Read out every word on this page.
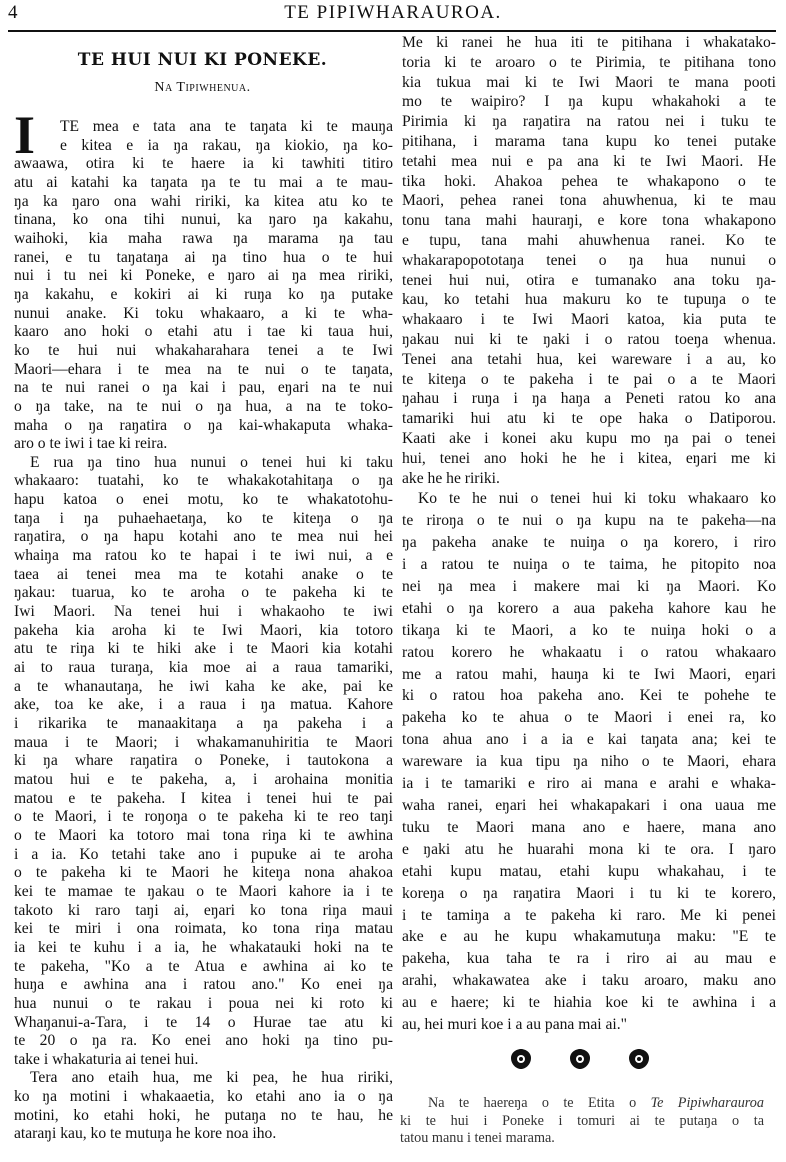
4	TE PIPIWHARAUROA.
TE HUI NUI KI PONEKE.
Na Tipiwhenua.
I	TE mea e tata ana te taŋata ki te mauŋa
e kitea e ia ŋa rakau, ŋa kiokio, ŋa ko-
awaawa, otira ki te haere ia ki tawhiti titiro
atu ai katahi ka taŋata ŋa te tu mai a te mau-
ŋa ka ŋaro ona wahi ririki, ka kitea atu ko te
tinana, ko ona tihi nunui, ka ŋaro ŋa kakahu,
waihoki, kia maha rawa ŋa marama ŋa tau
ranei, e tu taŋataŋa ai ŋa tino hua o te hui
nui i tu nei ki Poneke, e ŋaro ai ŋa mea ririki,
ŋa kakahu, e kokiri ai ki ruŋa ko ŋa putake
nunui anake. Ki toku whakaaro, a ki te wha-
kaaro ano hoki o etahi atu i tae ki taua hui,
ko te hui nui whakaharahara tenei a te Iwi
Maori—ehara i te mea na te nui o te taŋata,
na te nui ranei o ŋa kai i pau, eŋari na te nui
o ŋa take, na te nui o ŋa hua, a na te toko-
maha o ŋa raŋatira o ŋa kai-whakaputa whaka-
aro o te iwi i tae ki reira.
E rua ŋa tino hua nunui o tenei hui ki taku
whakaaro: tuatahi, ko te whakakotahitaŋa o ŋa
hapu katoa o enei motu, ko te whakatotohu-
taŋa i ŋa puhaehaetaŋa, ko te kiteŋa o ŋa
raŋatira, o ŋa hapu kotahi ano te mea nui hei
whaiŋa ma ratou ko te hapai i te iwi nui, a e
taea ai tenei mea ma te kotahi anake o te
ŋakau: tuarua, ko te aroha o te pakeha ki te
Iwi Maori. Na tenei hui i whakaoho te iwi
pakeha kia aroha ki te Iwi Maori, kia totoro
atu te riŋa ki te hiki ake i te Maori kia kotahi
ai to raua turaŋa, kia moe ai a raua tamariki,
a te whanautaŋa, he iwi kaha ke ake, pai ke
ake, toa ke ake, i a raua i ŋa matua. Kahore
i rikarika te manaakitaŋa a ŋa pakeha i a
maua i te Maori; i whakamanuhiritia te Maori
ki ŋa whare raŋatira o Poneke, i tautokona a
matou hui e te pakeha, a, i arohaina monitia
matou e te pakeha. I kitea i tenei hui te pai
o te Maori, i te roŋoŋa o te pakeha ki te reo taŋi
o te Maori ka totoro mai tona riŋa ki te awhina
i a ia. Ko tetahi take ano i pupuke ai te aroha
o te pakeha ki te Maori he kiteŋa nona ahakoa
kei te mamae te ŋakau o te Maori kahore ia i te
takoto ki raro taŋi ai, eŋari ko tona riŋa maui
kei te miri i ona roimata, ko tona riŋa matau
ia kei te kuhu i a ia, he whakatauki hoki na te
te pakeha, "Ko a te Atua e awhina ai ko te
huŋa e awhina ana i ratou ano." Ko enei ŋa
hua nunui o te rakau i poua nei ki roto ki
Whaŋanui-a-Tara, i te 14 o Hurae tae atu ki
te 20 o ŋa ra. Ko enei ano hoki ŋa tino pu-
take i whakaturia ai tenei hui.
Tera ano etaih hua, me ki pea, he hua ririki,
ko ŋa motini i whakaaetia, ko etahi ano ia o ŋa
motini, ko etahi hoki, he putaŋa no te hau, he
ataraŋi kau, ko te mutuŋa he kore noa iho.
Me ki ranei he hua iti te pitihana i whakatako-
toria ki te aroaro o te Pirimia, te pitihana tono
kia tukua mai ki te Iwi Maori te mana pooti
mo te waipiro? I ŋa kupu whakahoki a te
Pirimia ki ŋa raŋatira na ratou nei i tuku te
pitihana, i marama tana kupu ko tenei putake
tetahi mea nui e pa ana ki te Iwi Maori. He
tika hoki. Ahakoa pehea te whakapono o te
Maori, pehea ranei tona ahuwhenua, ki te mau
tonu tana mahi hauraŋi, e kore tona whakapono
e tupu, tana mahi ahuwhenua ranei. Ko te
whakarapopototaŋa tenei o ŋa hua nunui o
tenei hui nui, otira e tumanako ana toku ŋa-
kau, ko tetahi hua makuru ko te tupuŋa o te
whakaaro i te Iwi Maori katoa, kia puta te
ŋakau nui ki te ŋaki i o ratou toeŋa whenua.
Tenei ana tetahi hua, kei wareware i a au, ko
te kiteŋa o te pakeha i te pai o a te Maori
ŋahau i ruŋa i ŋa haŋa a Peneti ratou ko ana
tamariki hui atu ki te ope haka o Ŋatiporou.
Kaati ake i konei aku kupu mo ŋa pai o tenei
hui, tenei ano hoki he he i kitea, eŋari me ki
ake he he ririki.
Ko te he nui o tenei hui ki toku whakaaro ko
te riroŋa o te nui o ŋa kupu na te pakeha—na
ŋa pakeha anake te nuiŋa o ŋa korero, i riro
i a ratou te nuiŋa o te taima, he pitopito noa
nei ŋa mea i makere mai ki ŋa Maori. Ko
etahi o ŋa korero a aua pakeha kahore kau he
tikaŋa ki te Maori, a ko te nuiŋa hoki o a
ratou korero he whakaatu i o ratou whakaaro
me a ratou mahi, hauŋa ki te Iwi Maori, eŋari
ki o ratou hoa pakeha ano. Kei te pohehe te
pakeha ko te ahua o te Maori i enei ra, ko
tona ahua ano i a ia e kai taŋata ana; kei te
wareware ia kua tipu ŋa niho o te Maori, ehara
ia i te tamariki e riro ai mana e arahi e whaka-
waha ranei, eŋari hei whakapakari i ona uaua me
tuku te Maori mana ano e haere, mana ano
e ŋaki atu he huarahi mona ki te ora. I ŋaro
etahi kupu matau, etahi kupu whakahau, i te
koreŋa o ŋa raŋatira Maori i tu ki te korero,
i te tamiŋa a te pakeha ki raro. Me ki penei
ake e au he kupu whakamutuŋa maku: "E te
pakeha, kua taha te ra i riro ai au mau e
arahi, whakawatea ake i taku aroaro, maku ano
au e haere; ki te hiahia koe ki te awhina i a
au, hei muri koe i a au pana mai ai."
Na te haereŋa o te Etita o Te Pipiwharauroa
ki te hui i Poneke i tomuri ai te putaŋa o ta
tatou manu i tenei marama.
